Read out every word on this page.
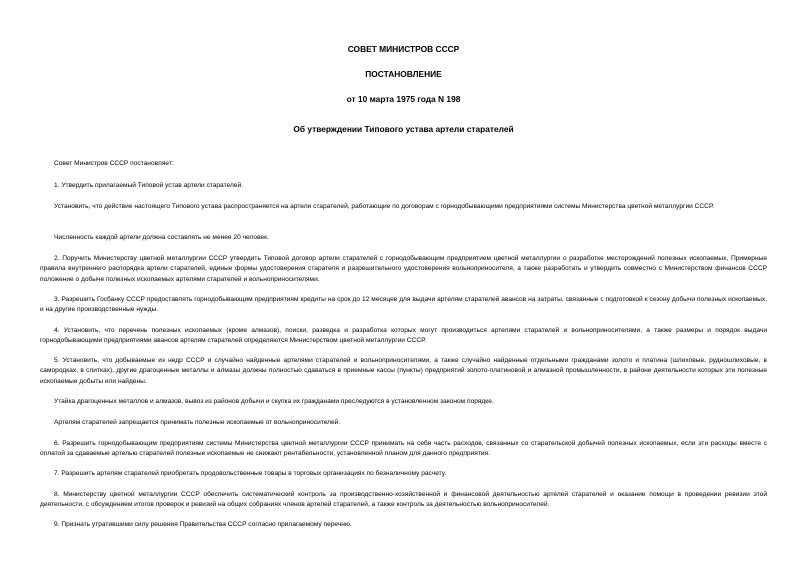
СОВЕТ МИНИСТРОВ СССР
ПОСТАНОВЛЕНИЕ
от 10 марта 1975 года N 198
Об утверждении Типового устава артели старателей

Совет Министров СССР постановляет:

1. Утвердить прилагаемый Типовой устав артели старателей.

Установить, что действие настоящего Типового устава распространяется на артели старателей, работающие по договорам с горнодобывающими предприятиями системы Министерства цветной металлургии СССР.

Численность каждой артели должна составлять не менее 20 человек.

2. Поручить Министерству цветной металлургии СССР утвердить Типовой договор артели старателей с горнодобывающим предприятием цветной металлургии о разработке месторождений полезных ископаемых, Примерные правила внутреннего распорядка артели старателей, единые формы удостоверения старателя и разрешительного удостоверения вольноприносителя, а также разработать и утвердить совместно с Министерством финансов СССР положение о добыче полезных ископаемых артелями старателей и вольноприносителями.

3. Разрешить Госбанку СССР предоставлять горнодобывающим предприятиям кредиты на срок до 12 месяцев для выдачи артелям старателей авансов на затраты, связанные с подготовкой к сезону добычи полезных ископаемых, и на другие производственные нужды.

4. Установить, что перечень полезных ископаемых (кроме алмазов), поиски, разведка и разработка которых могут производиться артелями старателей и вольноприносителями, а также размеры и порядок выдачи горнодобывающими предприятиями авансов артелям старателей определяются Министерством цветной металлургии СССР.

5. Установить, что добываемые из недр СССР и случайно найденные артелями старателей и вольноприносителями, а также случайно найденные отдельными гражданами золото и платина (шлиховые, рудношлиховые, в самородках, в слитках), другие драгоценные металлы и алмазы должны полностью сдаваться в приемные кассы (пункты) предприятий золото-платиновой и алмазной промышленности, в районе деятельности которых эти полезные ископаемые добыты или найдены.

Утайка драгоценных металлов и алмазов, вывоз из районов добычи и скупка их гражданами преследуются в установленном законом порядке.

Артелям старателей запрещается принимать полезные ископаемые от вольноприносителей.

6. Разрешить горнодобывающим предприятиям системы Министерства цветной металлургии СССР принимать на себя часть расходов, связанных со старательской добычей полезных ископаемых, если эти расходы вместе с оплатой за сдаваемые артелью старателей полезные ископаемые не снижают рентабельности, установленной планом для данного предприятия.

7. Разрешить артелям старателей приобретать продовольственные товары в торговых организациях по безналичному расчету.

8. Министерству цветной металлургии СССР обеспечить систематический контроль за производственно-хозяйственной и финансовой деятельностью артелей старателей и оказание помощи в проведении ревизии этой деятельности, с обсуждением итогов проверок и ревизий на общих собраниях членов артелей старателей, а также контроль за деятельностью вольноприносителей.

9. Признать утратившими силу решения Правительства СССР согласно прилагаемому перечню.
